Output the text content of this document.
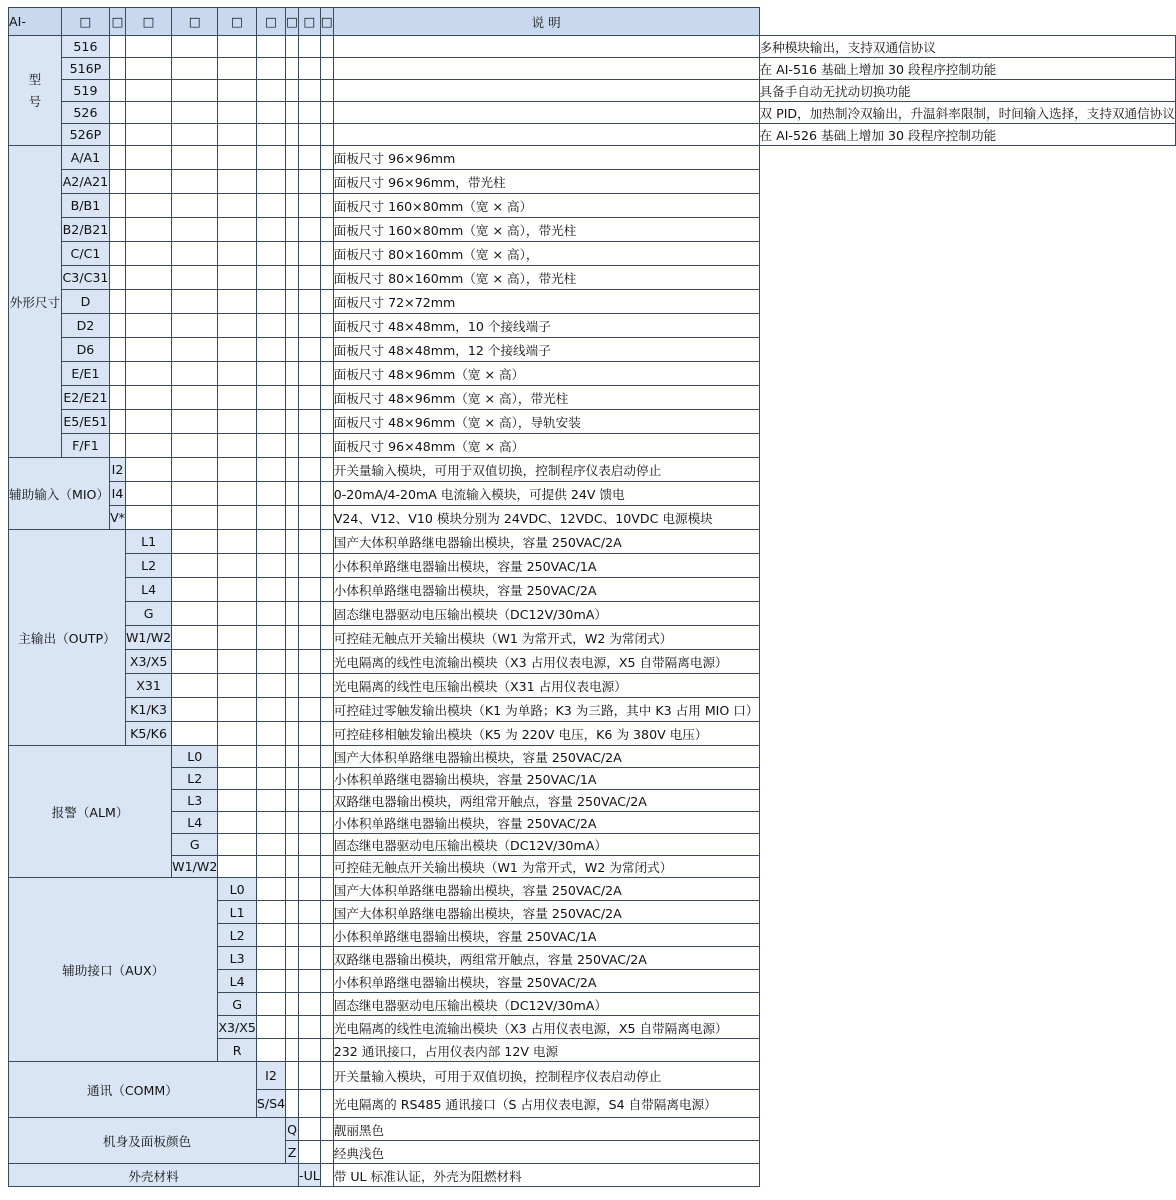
AI-	□	□	□	□	□	□	□	□	□	说 明	
型
号	516										多种模块输出，支持双通信协议
	516P										在 AI-516 基础上增加 30 段程序控制功能
	519										具备手自动无扰动切换功能
	526										双 PID，加热制冷双输出，升温斜率限制，时间输入选择，支持双通信协议
	526P										在 AI-526 基础上增加 30 段程序控制功能
外形尺寸	A/A1									面板尺寸 96×96mm	
	A2/A21									面板尺寸 96×96mm，带光柱	
	B/B1									面板尺寸 160×80mm（宽 × 高）	
	B2/B21									面板尺寸 160×80mm（宽 × 高），带光柱	
	C/C1									面板尺寸 80×160mm（宽 × 高），	
	C3/C31									面板尺寸 80×160mm（宽 × 高），带光柱	
	D									面板尺寸 72×72mm	
	D2									面板尺寸 48×48mm，10 个接线端子	
	D6									面板尺寸 48×48mm，12 个接线端子	
	E/E1									面板尺寸 48×96mm（宽 × 高）	
	E2/E21									面板尺寸 48×96mm（宽 × 高），带光柱	
	E5/E51									面板尺寸 48×96mm（宽 × 高），导轨安装	
	F/F1									面板尺寸 96×48mm（宽 × 高）	
辅助输入（MIO）		I2								开关量输入模块，可用于双值切换，控制程序仪表启动停止	
		I4								0-20mA/4-20mA 电流输入模块，可提供 24V 馈电	
		V*								V24、V12、V10 模块分别为 24VDC、12VDC、10VDC 电源模块	
主输出（OUTP）			L1							国产大体积单路继电器输出模块，容量 250VAC/2A	
			L2							小体积单路继电器输出模块，容量 250VAC/1A	
			L4							小体积单路继电器输出模块，容量 250VAC/2A	
			G							固态继电器驱动电压输出模块（DC12V/30mA）	
			W1/W2							可控硅无触点开关输出模块（W1 为常开式，W2 为常闭式）	
			X3/X5							光电隔离的线性电流输出模块（X3 占用仪表电源，X5 自带隔离电源）	
			X31							光电隔离的线性电压输出模块（X31 占用仪表电源）	
			K1/K3							可控硅过零触发输出模块（K1 为单路；K3 为三路，其中 K3 占用 MIO 口）	
			K5/K6							可控硅移相触发输出模块（K5 为 220V 电压，K6 为 380V 电压）	
报警（ALM）				L0						国产大体积单路继电器输出模块，容量 250VAC/2A	
				L2						小体积单路继电器输出模块，容量 250VAC/1A	
				L3						双路继电器输出模块，两组常开触点，容量 250VAC/2A	
				L4						小体积单路继电器输出模块，容量 250VAC/2A	
				G						固态继电器驱动电压输出模块（DC12V/30mA）	
				W1/W2						可控硅无触点开关输出模块（W1 为常开式，W2 为常闭式）	
辅助接口（AUX）					L0					国产大体积单路继电器输出模块，容量 250VAC/2A	
					L1					国产大体积单路继电器输出模块，容量 250VAC/2A	
					L2					小体积单路继电器输出模块，容量 250VAC/1A	
					L3					双路继电器输出模块，两组常开触点，容量 250VAC/2A	
					L4					小体积单路继电器输出模块，容量 250VAC/2A	
					G					固态继电器驱动电压输出模块（DC12V/30mA）	
					X3/X5					光电隔离的线性电流输出模块（X3 占用仪表电源，X5 自带隔离电源）	
					R					232 通讯接口，占用仪表内部 12V 电源	
通讯（COMM）						I2				开关量输入模块，可用于双值切换，控制程序仪表启动停止	
						S/S4				光电隔离的 RS485 通讯接口（S 占用仪表电源，S4 自带隔离电源）	
机身及面板颜色							Q			靓丽黑色	
							Z			经典浅色	
外壳材料								-UL		带 UL 标准认证，外壳为阻燃材料	
